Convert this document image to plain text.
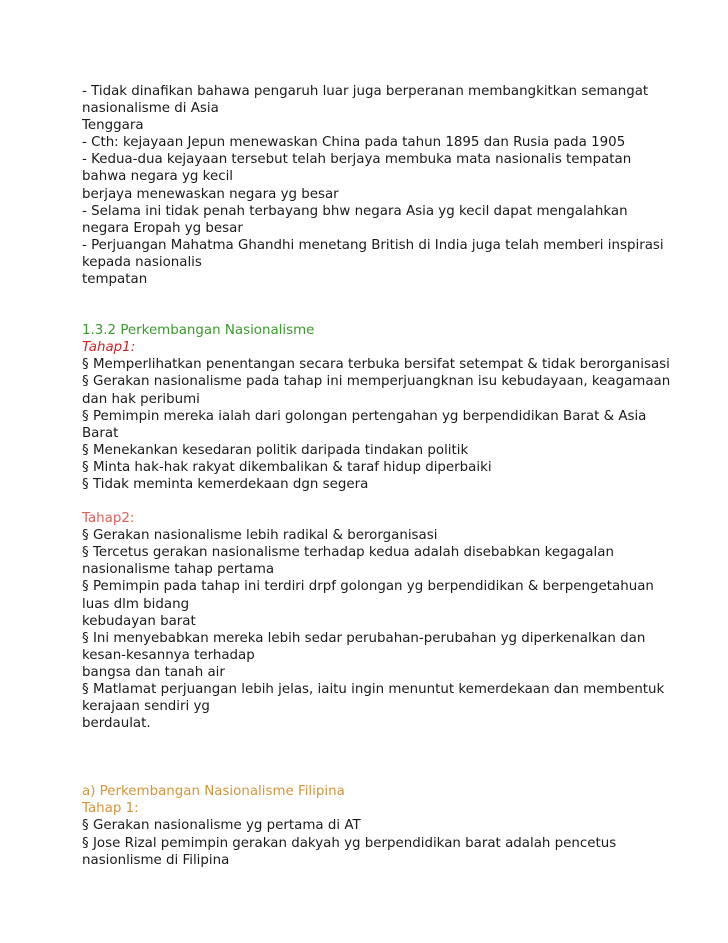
- Tidak dinafikan bahawa pengaruh luar juga berperanan membangkitkan semangat
nasionalisme di Asia
Tenggara
- Cth: kejayaan Jepun menewaskan China pada tahun 1895 dan Rusia pada 1905
- Kedua-dua kejayaan tersebut telah berjaya membuka mata nasionalis tempatan
bahwa negara yg kecil
berjaya menewaskan negara yg besar
- Selama ini tidak penah terbayang bhw negara Asia yg kecil dapat mengalahkan
negara Eropah yg besar
- Perjuangan Mahatma Ghandhi menetang British di India juga telah memberi inspirasi
kepada nasionalis
tempatan
1.3.2 Perkembangan Nasionalisme
Tahap1:
§ Memperlihatkan penentangan secara terbuka bersifat setempat & tidak berorganisasi
§ Gerakan nasionalisme pada tahap ini memperjuangknan isu kebudayaan, keagamaan
dan hak peribumi
§ Pemimpin mereka ialah dari golongan pertengahan yg berpendidikan Barat & Asia
Barat
§ Menekankan kesedaran politik daripada tindakan politik
§ Minta hak-hak rakyat dikembalikan & taraf hidup diperbaiki
§ Tidak meminta kemerdekaan dgn segera
Tahap2:
§ Gerakan nasionalisme lebih radikal & berorganisasi
§ Tercetus gerakan nasionalisme terhadap kedua adalah disebabkan kegagalan
nasionalisme tahap pertama
§ Pemimpin pada tahap ini terdiri drpf golongan yg berpendidikan & berpengetahuan
luas dlm bidang
kebudayan barat
§ Ini menyebabkan mereka lebih sedar perubahan-perubahan yg diperkenalkan dan
kesan-kesannya terhadap
bangsa dan tanah air
§ Matlamat perjuangan lebih jelas, iaitu ingin menuntut kemerdekaan dan membentuk
kerajaan sendiri yg
berdaulat.
a) Perkembangan Nasionalisme Filipina
Tahap 1:
§ Gerakan nasionalisme yg pertama di AT
§ Jose Rizal pemimpin gerakan dakyah yg berpendidikan barat adalah pencetus
nasionlisme di Filipina
